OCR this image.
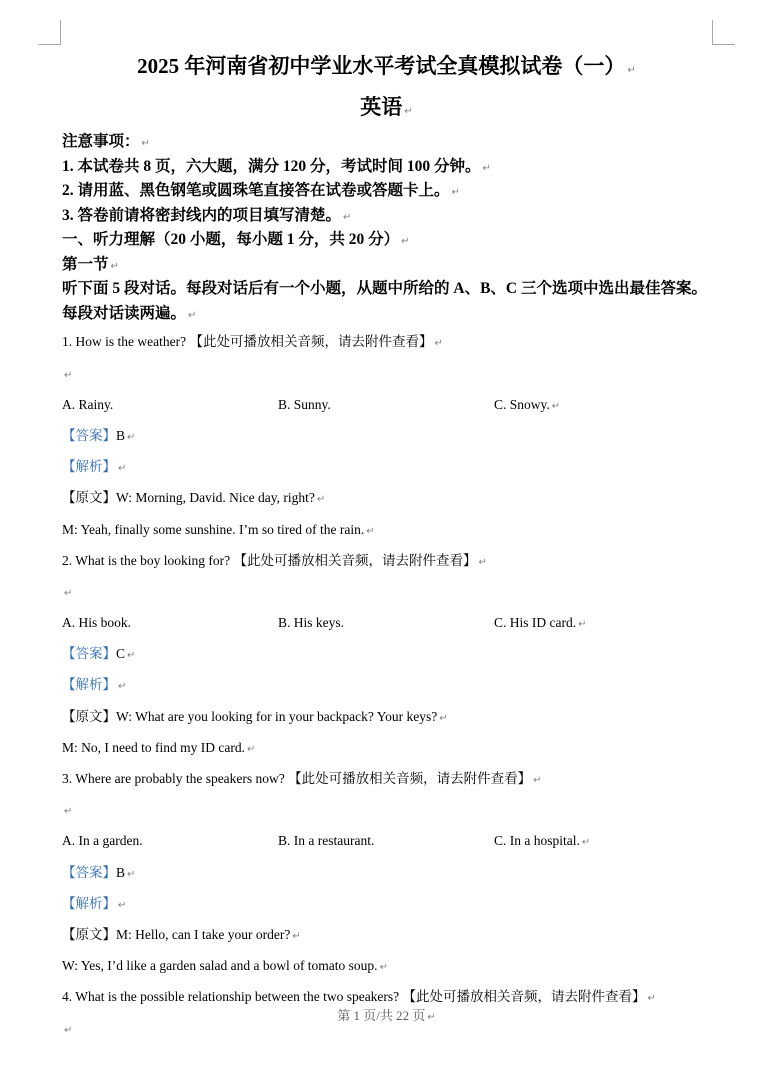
2025 年河南省初中学业水平考试全真模拟试卷（一） ↵
英语 ↵
注意事项： ↵
1. 本试卷共 8 页，六大题，满分 120 分，考试时间 100 分钟。 ↵
2. 请用蓝、黑色钢笔或圆珠笔直接答在试卷或答题卡上。 ↵
3. 答卷前请将密封线内的项目填写清楚。 ↵
一、听力理解（20 小题，每小题 1 分，共 20 分） ↵
第一节 ↵
听下面 5 段对话。每段对话后有一个小题，从题中所给的 A、B、C 三个选项中选出最佳答案。
每段对话读两遍。 ↵
1. How is the weather? 【此处可播放相关音频，请去附件查看】 ↵
↵
A. Rainy.	B. Sunny.	C. Snowy. ↵
【答案】B ↵
【解析】 ↵
【原文】W: Morning, David. Nice day, right? ↵
M: Yeah, finally some sunshine. I’m so tired of the rain. ↵
2. What is the boy looking for? 【此处可播放相关音频，请去附件查看】 ↵
↵
A. His book.	B. His keys.	C. His ID card. ↵
【答案】C ↵
【解析】 ↵
【原文】W: What are you looking for in your backpack? Your keys? ↵
M: No, I need to find my ID card. ↵
3. Where are probably the speakers now? 【此处可播放相关音频，请去附件查看】 ↵
↵
A. In a garden.	B. In a restaurant.	C. In a hospital. ↵
【答案】B ↵
【解析】 ↵
【原文】M: Hello, can I take your order? ↵
W: Yes, I’d like a garden salad and a bowl of tomato soup. ↵
4. What is the possible relationship between the two speakers? 【此处可播放相关音频，请去附件查看】 ↵
第 1 页/共 22 页 ↵
↵
